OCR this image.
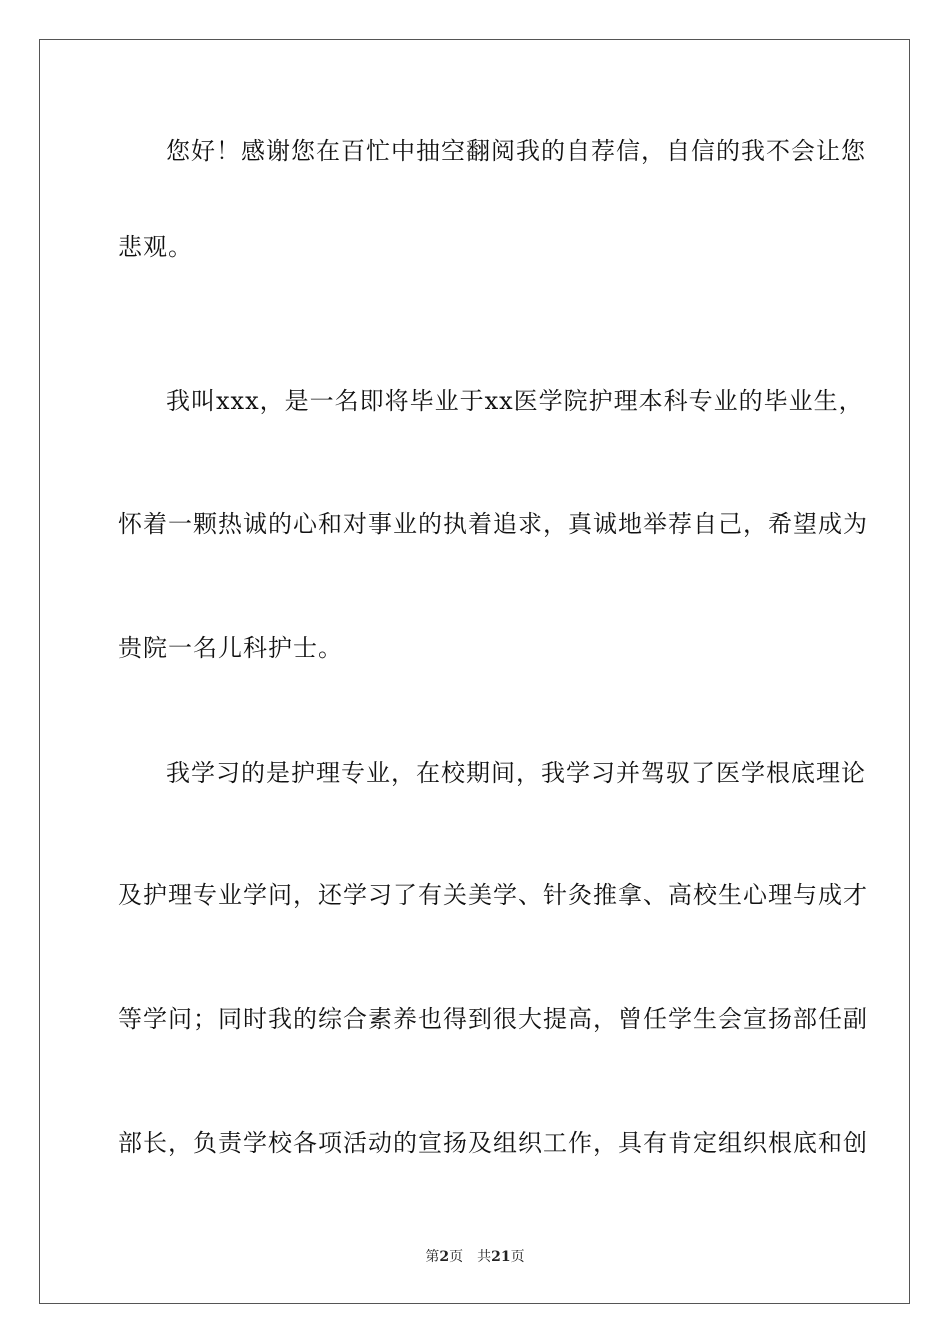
您好！感谢您在百忙中抽空翻阅我的自荐信，自信的我不会让您
悲观。
我叫xxx，是一名即将毕业于xx医学院护理本科专业的毕业生，
怀着一颗热诚的心和对事业的执着追求，真诚地举荐自己，希望成为
贵院一名儿科护士。
我学习的是护理专业，在校期间，我学习并驾驭了医学根底理论
及护理专业学问，还学习了有关美学、针灸推拿、高校生心理与成才
等学问；同时我的综合素养也得到很大提高，曾任学生会宣扬部任副
部长，负责学校各项活动的宣扬及组织工作，具有肯定组织根底和创
第2页 共21页
